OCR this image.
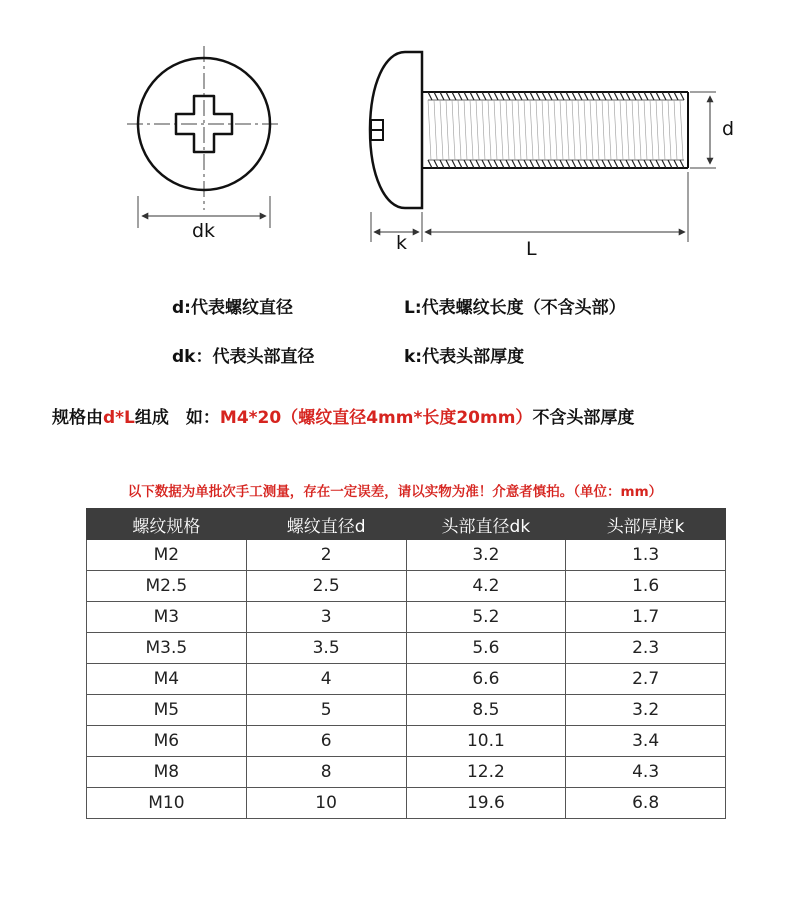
dk
k	L
d
d:代表螺纹直径	L:代表螺纹长度（不含头部）
dk：代表头部直径	k:代表头部厚度
规格由d*L组成　如：M4*20（螺纹直径4mm*长度20mm）不含头部厚度
以下数据为单批次手工测量，存在一定误差，请以实物为准！介意者慎拍。（单位：mm）
螺纹规格	螺纹直径d	头部直径dk	头部厚度k
M2	2	3.2	1.3
M2.5	2.5	4.2	1.6
M3	3	5.2	1.7
M3.5	3.5	5.6	2.3
M4	4	6.6	2.7
M5	5	8.5	3.2
M6	6	10.1	3.4
M8	8	12.2	4.3
M10	10	19.6	6.8
